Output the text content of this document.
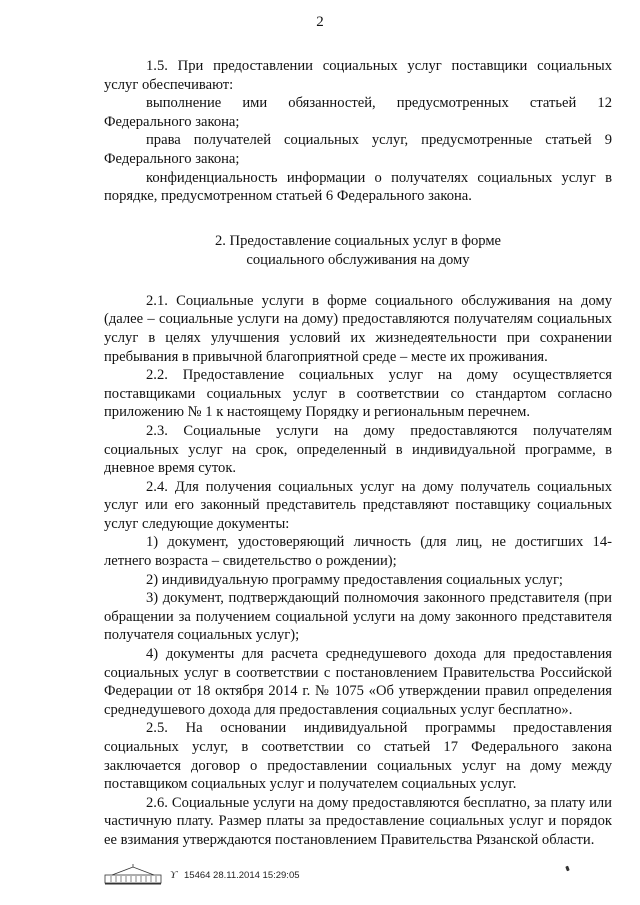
2

1.5. При предоставлении социальных услуг поставщики социальных услуг обеспечивают:

выполнение ими обязанностей, предусмотренных статьей 12 Федерального закона;

права получателей социальных услуг, предусмотренные статьей 9 Федерального закона;

конфиденциальность информации о получателях социальных услуг в порядке, предусмотренном статьей 6 Федерального закона.

2. Предоставление социальных услуг в форме
социального обслуживания на дому

2.1. Социальные услуги в форме социального обслуживания на дому (далее – социальные услуги на дому) предоставляются получателям социальных услуг в целях улучшения условий их жизнедеятельности при сохранении пребывания в привычной благоприятной среде – месте их проживания.

2.2. Предоставление социальных услуг на дому осуществляется поставщиками социальных услуг в соответствии со стандартом согласно приложению № 1 к настоящему Порядку и региональным перечнем.

2.3. Социальные услуги на дому предоставляются получателям социальных услуг на срок, определенный в индивидуальной программе, в дневное время суток.

2.4. Для получения социальных услуг на дому получатель социальных услуг или его законный представитель представляют поставщику социальных услуг следующие документы:

1) документ, удостоверяющий личность (для лиц, не достигших 14-летнего возраста – свидетельство о рождении);

2) индивидуальную программу предоставления социальных услуг;

3) документ, подтверждающий полномочия законного представителя (при обращении за получением социальной услуги на дому законного представителя получателя социальных услуг);

4) документы для расчета среднедушевого дохода для предоставления социальных услуг в соответствии с постановлением Правительства Российской Федерации от 18 октября 2014 г. № 1075 «Об утверждении правил определения среднедушевого дохода для предоставления социальных услуг бесплатно».

2.5. На основании индивидуальной программы предоставления социальных услуг, в соответствии со статьей 17 Федерального закона заключается договор о предоставлении социальных услуг на дому между поставщиком социальных услуг и получателем социальных услуг.

2.6. Социальные услуги на дому предоставляются бесплатно, за плату или частичную плату. Размер платы за предоставление социальных услуг и порядок ее взимания утверждаются постановлением Правительства Рязанской области.

ϒ 15464 28.11.2014 15:29:05
